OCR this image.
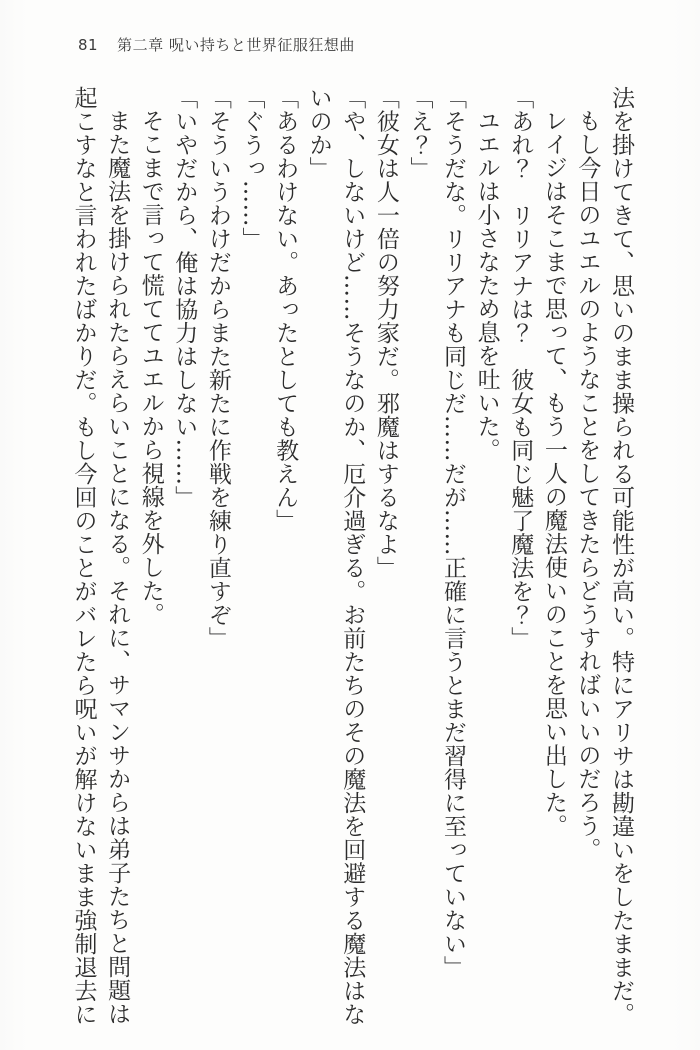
81 第二章 呪い持ちと世界征服狂想曲

法を掛けてきて、思いのまま操られる可能性が高い。特にアリサは勘違いをしたままだ。

もし今日のユエルのようなことをしてきたらどうすればいいのだろう。

レイジはそこまで思って、もう一人の魔法使いのことを思い出した。

「あれ？　リリアナは？　彼女も同じ魅了魔法を？」

ユエルは小さなため息を吐いた。

「そうだな。リリアナも同じだ……だが……正確に言うとまだ習得に至っていない」

「え？」

「彼女は人一倍の努力家だ。邪魔はするなよ」

「や、しないけど……そうなのか、厄介過ぎる。お前たちのその魔法を回避する魔法はないのか」

「あるわけない。あったとしても教えん」

「ぐうっ……」

「そういうわけだからまた新たに作戦を練り直すぞ」

「いやだから、俺は協力はしない……」

そこまで言って慌ててユエルから視線を外した。

また魔法を掛けられたらえらいことになる。それに、サマンサからは弟子たちと問題は起こすなと言われたばかりだ。もし今回のことがバレたら呪いが解けないまま強制退去に
